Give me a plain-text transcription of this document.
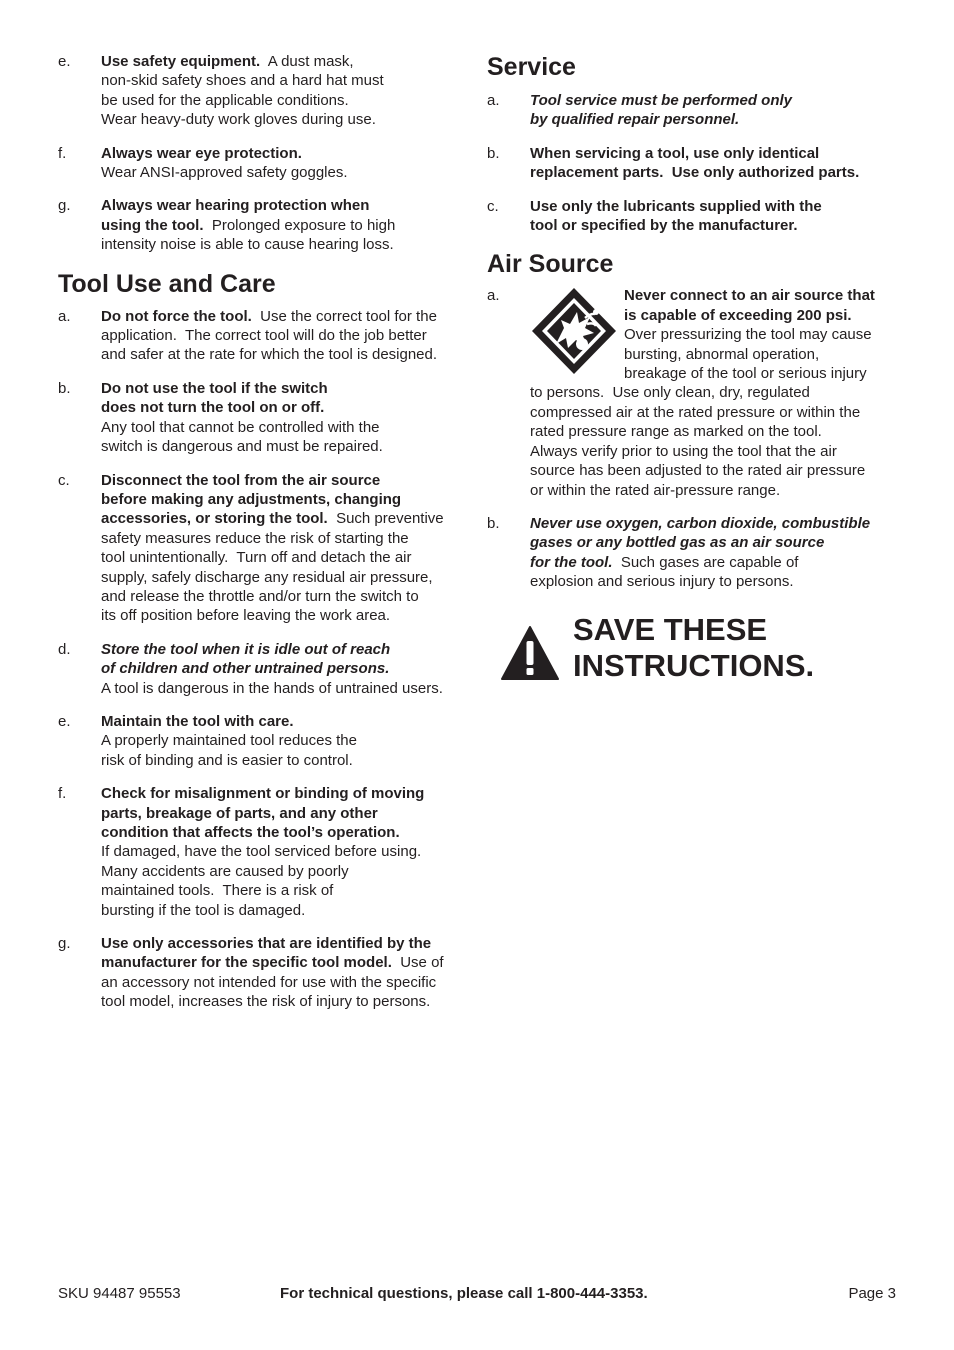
e.	Use safety equipment.  A dust mask,
non-skid safety shoes and a hard hat must
be used for the applicable conditions.
Wear heavy-duty work gloves during use.
f.	Always wear eye protection.
Wear ANSI-approved safety goggles.
g.	Always wear hearing protection when
using the tool.  Prolonged exposure to high
intensity noise is able to cause hearing loss.
Tool Use and Care
a.	Do not force the tool.  Use the correct tool for the
application.  The correct tool will do the job better
and safer at the rate for which the tool is designed.
b.	Do not use the tool if the switch
does not turn the tool on or off.
Any tool that cannot be controlled with the
switch is dangerous and must be repaired.
c.	Disconnect the tool from the air source
before making any adjustments, changing
accessories, or storing the tool.  Such preventive
safety measures reduce the risk of starting the
tool unintentionally.  Turn off and detach the air
supply, safely discharge any residual air pressure,
and release the throttle and/or turn the switch to
its off position before leaving the work area.
d.	Store the tool when it is idle out of reach
of children and other untrained persons.
A tool is dangerous in the hands of untrained users.
e.	Maintain the tool with care.
A properly maintained tool reduces the
risk of binding and is easier to control.
f.	Check for misalignment or binding of moving
parts, breakage of parts, and any other
condition that affects the tool’s operation.
If damaged, have the tool serviced before using.
Many accidents are caused by poorly
maintained tools.  There is a risk of
bursting if the tool is damaged.
g.	Use only accessories that are identified by the
manufacturer for the specific tool model.  Use of
an accessory not intended for use with the specific
tool model, increases the risk of injury to persons.
Service
a.	Tool service must be performed only
by qualified repair personnel.
b.	When servicing a tool, use only identical
replacement parts.  Use only authorized parts.
c.	Use only the lubricants supplied with the
tool or specified by the manufacturer.
Air Source
a.	Never connect to an air source that
is capable of exceeding 200 psi.
Over pressurizing the tool may cause
bursting, abnormal operation,
breakage of the tool or serious injury
to persons.  Use only clean, dry, regulated
compressed air at the rated pressure or within the
rated pressure range as marked on the tool.
Always verify prior to using the tool that the air
source has been adjusted to the rated air pressure
or within the rated air-pressure range.
b.	Never use oxygen, carbon dioxide, combustible
gases or any bottled gas as an air source
for the tool.  Such gases are capable of
explosion and serious injury to persons.
SAVE THESE
INSTRUCTIONS.
SKU 94487 95553	For technical questions, please call 1-800-444-3353.	Page 3
